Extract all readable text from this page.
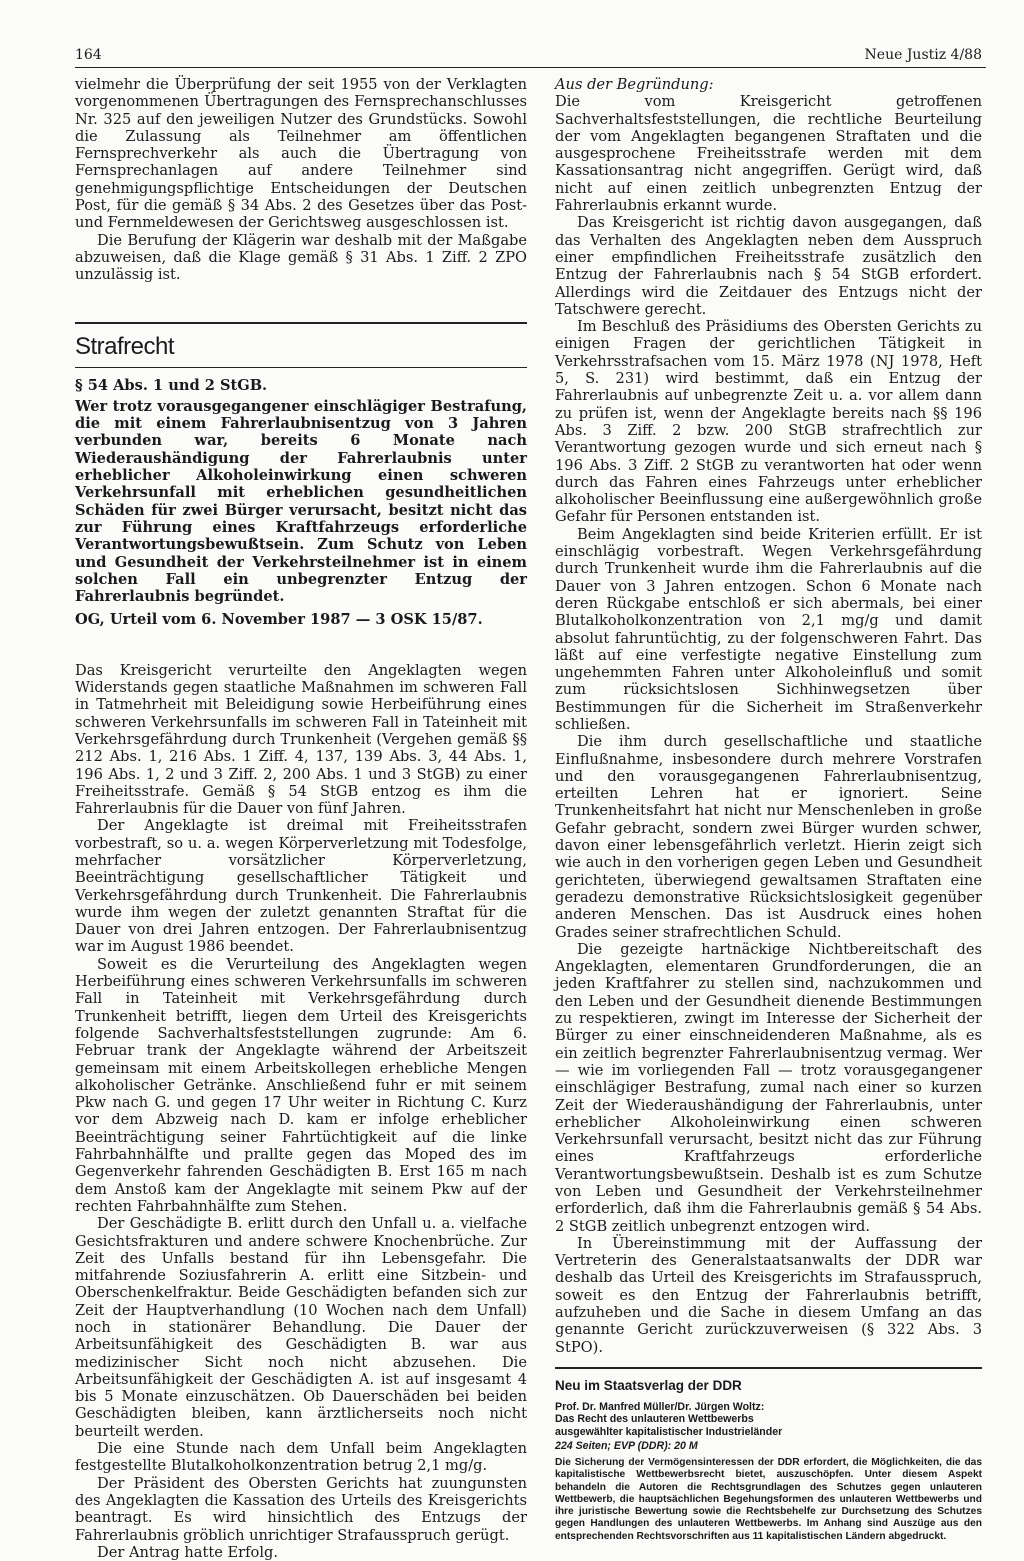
164	Neue Justiz 4/88

vielmehr die Überprüfung der seit 1955 von der Verklagten vorgenommenen Übertragungen des Fernsprechanschlusses Nr. 325 auf den jeweiligen Nutzer des Grundstücks. Sowohl die Zulassung als Teilnehmer am öffentlichen Fernsprechverkehr als auch die Übertragung von Fernsprechanlagen auf andere Teilnehmer sind genehmigungspflichtige Entscheidungen der Deutschen Post, für die gemäß § 34 Abs. 2 des Gesetzes über das Post- und Fernmeldewesen der Gerichtsweg ausgeschlossen ist.

Die Berufung der Klägerin war deshalb mit der Maßgabe abzuweisen, daß die Klage gemäß § 31 Abs. 1 Ziff. 2 ZPO unzulässig ist.

Strafrecht

§ 54 Abs. 1 und 2 StGB.

Wer trotz vorausgegangener einschlägiger Bestrafung, die mit einem Fahrerlaubnisentzug von 3 Jahren verbunden war, bereits 6 Monate nach Wiederaushändigung der Fahrerlaubnis unter erheblicher Alkoholeinwirkung einen schweren Verkehrsunfall mit erheblichen gesundheitlichen Schäden für zwei Bürger verursacht, besitzt nicht das zur Führung eines Kraftfahrzeugs erforderliche Verantwortungsbewußtsein. Zum Schutz von Leben und Gesundheit der Verkehrsteilnehmer ist in einem solchen Fall ein unbegrenzter Entzug der Fahrerlaubnis begründet.

OG, Urteil vom 6. November 1987 — 3 OSK 15/87.

Das Kreisgericht verurteilte den Angeklagten wegen Widerstands gegen staatliche Maßnahmen im schweren Fall in Tatmehrheit mit Beleidigung sowie Herbeiführung eines schweren Verkehrsunfalls im schweren Fall in Tateinheit mit Verkehrsgefährdung durch Trunkenheit (Vergehen gemäß §§ 212 Abs. 1, 216 Abs. 1 Ziff. 4, 137, 139 Abs. 3, 44 Abs. 1, 196 Abs. 1, 2 und 3 Ziff. 2, 200 Abs. 1 und 3 StGB) zu einer Freiheitsstrafe. Gemäß § 54 StGB entzog es ihm die Fahrerlaubnis für die Dauer von fünf Jahren.

Der Angeklagte ist dreimal mit Freiheitsstrafen vorbestraft, so u. a. wegen Körperverletzung mit Todesfolge, mehrfacher vorsätzlicher Körperverletzung, Beeinträchtigung gesellschaftlicher Tätigkeit und Verkehrsgefährdung durch Trunkenheit. Die Fahrerlaubnis wurde ihm wegen der zuletzt genannten Straftat für die Dauer von drei Jahren entzogen. Der Fahrerlaubnisentzug war im August 1986 beendet.

Soweit es die Verurteilung des Angeklagten wegen Herbeiführung eines schweren Verkehrsunfalls im schweren Fall in Tateinheit mit Verkehrsgefährdung durch Trunkenheit betrifft, liegen dem Urteil des Kreisgerichts folgende Sachverhaltsfeststellungen zugrunde: Am 6. Februar trank der Angeklagte während der Arbeitszeit gemeinsam mit einem Arbeitskollegen erhebliche Mengen alkoholischer Getränke. Anschließend fuhr er mit seinem Pkw nach G. und gegen 17 Uhr weiter in Richtung C. Kurz vor dem Abzweig nach D. kam er infolge erheblicher Beeinträchtigung seiner Fahrtüchtigkeit auf die linke Fahrbahnhälfte und prallte gegen das Moped des im Gegenverkehr fahrenden Geschädigten B. Erst 165 m nach dem Anstoß kam der Angeklagte mit seinem Pkw auf der rechten Fahrbahnhälfte zum Stehen.

Der Geschädigte B. erlitt durch den Unfall u. a. vielfache Gesichtsfrakturen und andere schwere Knochenbrüche. Zur Zeit des Unfalls bestand für ihn Lebensgefahr. Die mitfahrende Soziusfahrerin A. erlitt eine Sitzbein- und Oberschenkelfraktur. Beide Geschädigten befanden sich zur Zeit der Hauptverhandlung (10 Wochen nach dem Unfall) noch in stationärer Behandlung. Die Dauer der Arbeitsunfähigkeit des Geschädigten B. war aus medizinischer Sicht noch nicht abzusehen. Die Arbeitsunfähigkeit der Geschädigten A. ist auf insgesamt 4 bis 5 Monate einzuschätzen. Ob Dauerschäden bei beiden Geschädigten bleiben, kann ärztlicherseits noch nicht beurteilt werden.

Die eine Stunde nach dem Unfall beim Angeklagten festgestellte Blutalkoholkonzentration betrug 2,1 mg/g.

Der Präsident des Obersten Gerichts hat zuungunsten des Angeklagten die Kassation des Urteils des Kreisgerichts beantragt. Es wird hinsichtlich des Entzugs der Fahrerlaubnis gröblich unrichtiger Strafausspruch gerügt.

Der Antrag hatte Erfolg.

Aus der Begründung:

Die vom Kreisgericht getroffenen Sachverhaltsfeststellungen, die rechtliche Beurteilung der vom Angeklagten begangenen Straftaten und die ausgesprochene Freiheitsstrafe werden mit dem Kassationsantrag nicht angegriffen. Gerügt wird, daß nicht auf einen zeitlich unbegrenzten Entzug der Fahrerlaubnis erkannt wurde.

Das Kreisgericht ist richtig davon ausgegangen, daß das Verhalten des Angeklagten neben dem Ausspruch einer empfindlichen Freiheitsstrafe zusätzlich den Entzug der Fahrerlaubnis nach § 54 StGB erfordert. Allerdings wird die Zeitdauer des Entzugs nicht der Tatschwere gerecht.

Im Beschluß des Präsidiums des Obersten Gerichts zu einigen Fragen der gerichtlichen Tätigkeit in Verkehrsstrafsachen vom 15. März 1978 (NJ 1978, Heft 5, S. 231) wird bestimmt, daß ein Entzug der Fahrerlaubnis auf unbegrenzte Zeit u. a. vor allem dann zu prüfen ist, wenn der Angeklagte bereits nach §§ 196 Abs. 3 Ziff. 2 bzw. 200 StGB strafrechtlich zur Verantwortung gezogen wurde und sich erneut nach § 196 Abs. 3 Ziff. 2 StGB zu verantworten hat oder wenn durch das Fahren eines Fahrzeugs unter erheblicher alkoholischer Beeinflussung eine außergewöhnlich große Gefahr für Personen entstanden ist.

Beim Angeklagten sind beide Kriterien erfüllt. Er ist einschlägig vorbestraft. Wegen Verkehrsgefährdung durch Trunkenheit wurde ihm die Fahrerlaubnis auf die Dauer von 3 Jahren entzogen. Schon 6 Monate nach deren Rückgabe entschloß er sich abermals, bei einer Blutalkoholkonzentration von 2,1 mg/g und damit absolut fahruntüchtig, zu der folgenschweren Fahrt. Das läßt auf eine verfestigte negative Einstellung zum ungehemmten Fahren unter Alkoholeinfluß und somit zum rücksichtslosen Sichhinwegsetzen über Bestimmungen für die Sicherheit im Straßenverkehr schließen.

Die ihm durch gesellschaftliche und staatliche Einflußnahme, insbesondere durch mehrere Vorstrafen und den vorausgegangenen Fahrerlaubnisentzug, erteilten Lehren hat er ignoriert. Seine Trunkenheitsfahrt hat nicht nur Menschenleben in große Gefahr gebracht, sondern zwei Bürger wurden schwer, davon einer lebensgefährlich verletzt. Hierin zeigt sich wie auch in den vorherigen gegen Leben und Gesundheit gerichteten, überwiegend gewaltsamen Straftaten eine geradezu demonstrative Rücksichtslosigkeit gegenüber anderen Menschen. Das ist Ausdruck eines hohen Grades seiner strafrechtlichen Schuld.

Die gezeigte hartnäckige Nichtbereitschaft des Angeklagten, elementaren Grundforderungen, die an jeden Kraftfahrer zu stellen sind, nachzukommen und den Leben und der Gesundheit dienende Bestimmungen zu respektieren, zwingt im Interesse der Sicherheit der Bürger zu einer einschneidenderen Maßnahme, als es ein zeitlich begrenzter Fahrerlaubnisentzug vermag. Wer — wie im vorliegenden Fall — trotz vorausgegangener einschlägiger Bestrafung, zumal nach einer so kurzen Zeit der Wiederaushändigung der Fahrerlaubnis, unter erheblicher Alkoholeinwirkung einen schweren Verkehrsunfall verursacht, besitzt nicht das zur Führung eines Kraftfahrzeugs erforderliche Verantwortungsbewußtsein. Deshalb ist es zum Schutze von Leben und Gesundheit der Verkehrsteilnehmer erforderlich, daß ihm die Fahrerlaubnis gemäß § 54 Abs. 2 StGB zeitlich unbegrenzt entzogen wird.

In Übereinstimmung mit der Auffassung der Vertreterin des Generalstaatsanwalts der DDR war deshalb das Urteil des Kreisgerichts im Strafausspruch, soweit es den Entzug der Fahrerlaubnis betrifft, aufzuheben und die Sache in diesem Umfang an das genannte Gericht zurückzuverweisen (§ 322 Abs. 3 StPO).

Neu im Staatsverlag der DDR
Prof. Dr. Manfred Müller/Dr. Jürgen Woltz:
Das Recht des unlauteren Wettbewerbs
ausgewählter kapitalistischer Industrieländer
224 Seiten; EVP (DDR): 20 M

Die Sicherung der Vermögensinteressen der DDR erfordert, die Möglichkeiten, die das kapitalistische Wettbewerbsrecht bietet, auszuschöpfen. Unter diesem Aspekt behandeln die Autoren die Rechtsgrundlagen des Schutzes gegen unlauteren Wettbewerb, die hauptsächlichen Begehungsformen des unlauteren Wettbewerbs und ihre juristische Bewertung sowie die Rechtsbehelfe zur Durchsetzung des Schutzes gegen Handlungen des unlauteren Wettbewerbs. Im Anhang sind Auszüge aus den entsprechenden Rechtsvorschriften aus 11 kapitalistischen Ländern abgedruckt.
